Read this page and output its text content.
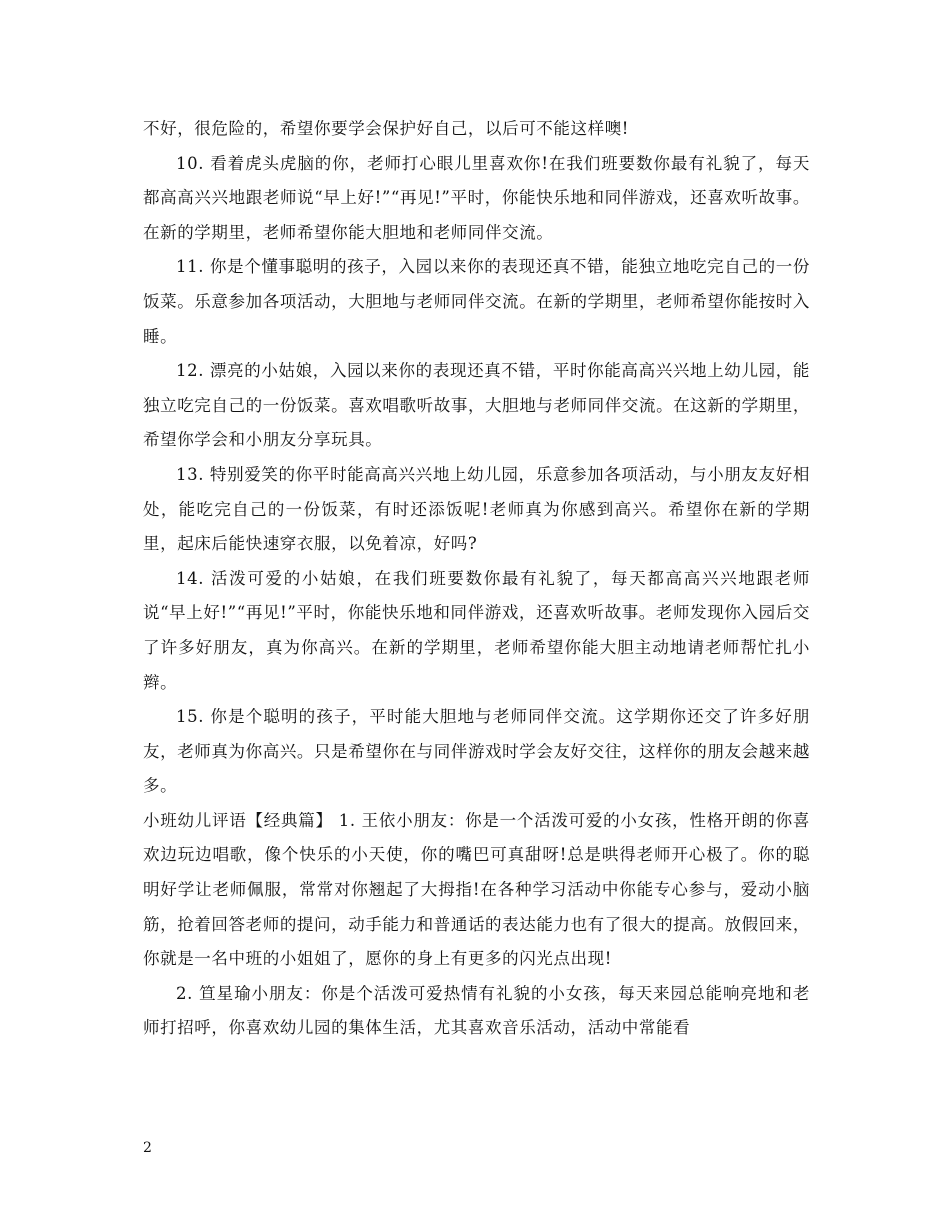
不好，很危险的，希望你要学会保护好自己，以后可不能这样噢!

10. 看着虎头虎脑的你，老师打心眼儿里喜欢你!在我们班要数你最有礼貌了，每天都高高兴兴地跟老师说“早上好!”“再见!”平时，你能快乐地和同伴游戏，还喜欢听故事。在新的学期里，老师希望你能大胆地和老师同伴交流。

11. 你是个懂事聪明的孩子，入园以来你的表现还真不错，能独立地吃完自己的一份饭菜。乐意参加各项活动，大胆地与老师同伴交流。在新的学期里，老师希望你能按时入睡。

12. 漂亮的小姑娘，入园以来你的表现还真不错，平时你能高高兴兴地上幼儿园，能独立吃完自己的一份饭菜。喜欢唱歌听故事，大胆地与老师同伴交流。在这新的学期里，希望你学会和小朋友分享玩具。

13. 特别爱笑的你平时能高高兴兴地上幼儿园，乐意参加各项活动，与小朋友友好相处，能吃完自己的一份饭菜，有时还添饭呢!老师真为你感到高兴。希望你在新的学期里，起床后能快速穿衣服，以免着凉，好吗?

14. 活泼可爱的小姑娘，在我们班要数你最有礼貌了，每天都高高兴兴地跟老师说“早上好!”“再见!”平时，你能快乐地和同伴游戏，还喜欢听故事。老师发现你入园后交了许多好朋友，真为你高兴。在新的学期里，老师希望你能大胆主动地请老师帮忙扎小辫。

15. 你是个聪明的孩子，平时能大胆地与老师同伴交流。这学期你还交了许多好朋友，老师真为你高兴。只是希望你在与同伴游戏时学会友好交往，这样你的朋友会越来越多。

小班幼儿评语【经典篇】 1. 王依小朋友：你是一个活泼可爱的小女孩，性格开朗的你喜欢边玩边唱歌，像个快乐的小天使，你的嘴巴可真甜呀!总是哄得老师开心极了。你的聪明好学让老师佩服，常常对你翘起了大拇指!在各种学习活动中你能专心参与，爱动小脑筋，抢着回答老师的提问，动手能力和普通话的表达能力也有了很大的提高。放假回来，你就是一名中班的小姐姐了，愿你的身上有更多的闪光点出现!

2. 笪星瑜小朋友：你是个活泼可爱热情有礼貌的小女孩，每天来园总能响亮地和老师打招呼，你喜欢幼儿园的集体生活，尤其喜欢音乐活动，活动中常能看

2
